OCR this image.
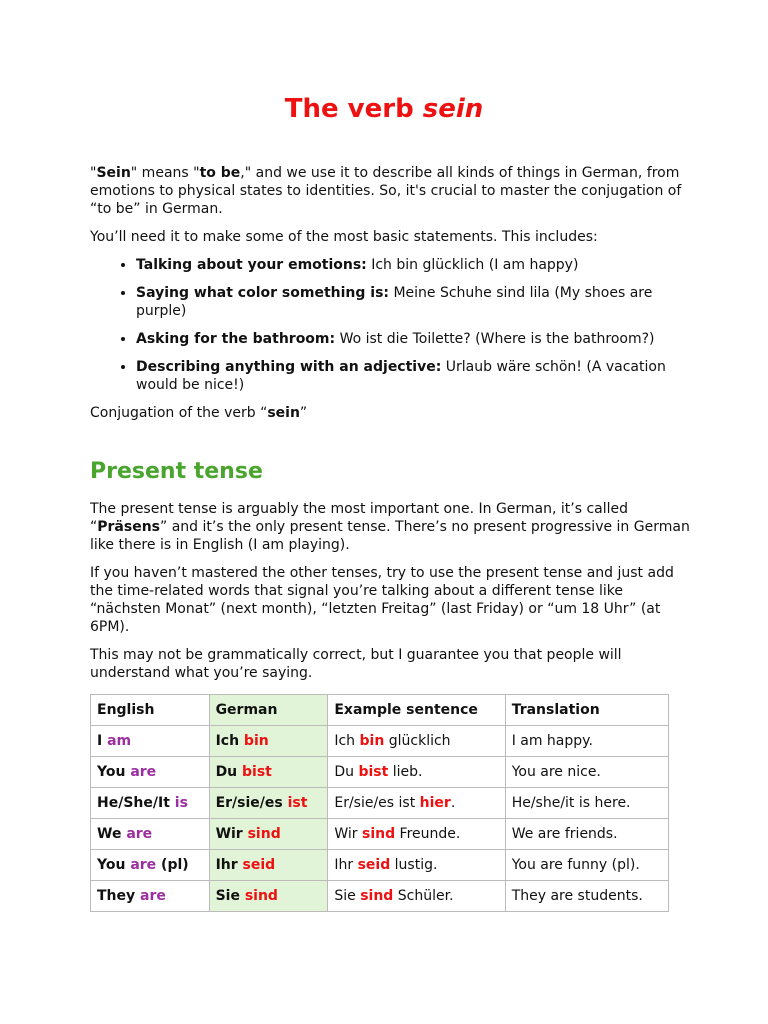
The verb sein

"Sein" means "to be," and we use it to describe all kinds of things in German, from emotions to physical states to identities. So, it's crucial to master the conjugation of “to be” in German.

You’ll need it to make some of the most basic statements. This includes:

• Talking about your emotions: Ich bin glücklich (I am happy)
• Saying what color something is: Meine Schuhe sind lila (My shoes are purple)
• Asking for the bathroom: Wo ist die Toilette? (Where is the bathroom?)
• Describing anything with an adjective: Urlaub wäre schön! (A vacation would be nice!)

Conjugation of the verb “sein”

Present tense

The present tense is arguably the most important one. In German, it’s called “Präsens” and it’s the only present tense. There’s no present progressive in German like there is in English (I am playing).

If you haven’t mastered the other tenses, try to use the present tense and just add the time-related words that signal you’re talking about a different tense like “nächsten Monat” (next month), “letzten Freitag” (last Friday) or “um 18 Uhr” (at 6PM).

This may not be grammatically correct, but I guarantee you that people will understand what you’re saying.

English	German	Example sentence	Translation
I am	Ich bin	Ich bin glücklich	I am happy.
You are	Du bist	Du bist lieb.	You are nice.
He/She/It is	Er/sie/es ist	Er/sie/es ist hier.	He/she/it is here.
We are	Wir sind	Wir sind Freunde.	We are friends.
You are (pl)	Ihr seid	Ihr seid lustig.	You are funny (pl).
They are	Sie sind	Sie sind Schüler.	They are students.
